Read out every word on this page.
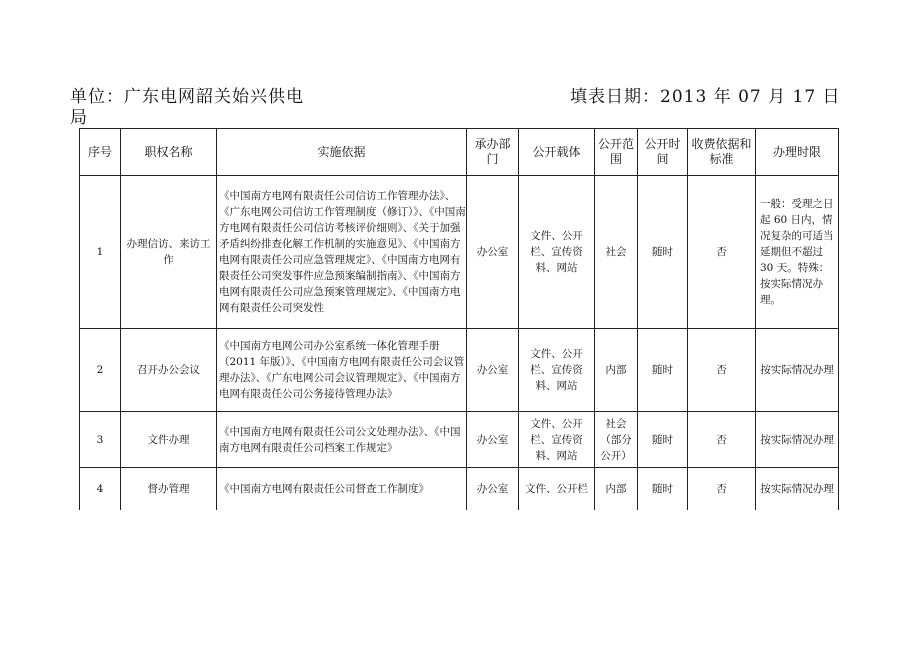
单位：广东电网韶关始兴供电
局
填表日期：2013 年 07 月 17 日
序号	职权名称	实施依据	承办部门	公开载体	公开范围	公开时间	收费依据和标准	办理时限
1	办理信访、来访工作	《中国南方电网有限责任公司信访工作管理办法》、《广东电网公司信访工作管理制度（修订）》、《中国南方电网有限责任公司信访考核评价细则》、《关于加强矛盾纠纷排查化解工作机制的实施意见》、《中国南方电网有限责任公司应急管理规定》、《中国南方电网有限责任公司突发事件应急预案编制指南》、《中国南方电网有限责任公司应急预案管理规定》、《中国南方电网有限责任公司突发性	办公室	文件、公开栏、宣传资料、网站	社会	随时	否	一般：受理之日起 60 日内，情况复杂的可适当延期但不超过 30 天。特殊：按实际情况办理。
2	召开办公会议	《中国南方电网公司办公室系统一体化管理手册（2011 年版）》、《中国南方电网有限责任公司会议管理办法》、《广东电网公司会议管理规定》、《中国南方电网有限责任公司公务接待管理办法》	办公室	文件、公开栏、宣传资料、网站	内部	随时	否	按实际情况办理
3	文件办理	《中国南方电网有限责任公司公文处理办法》、《中国南方电网有限责任公司档案工作规定》	办公室	文件、公开栏、宣传资料、网站	社会（部分公开）	随时	否	按实际情况办理
4	督办管理	《中国南方电网有限责任公司督查工作制度》	办公室	文件、公开栏	内部	随时	否	按实际情况办理
